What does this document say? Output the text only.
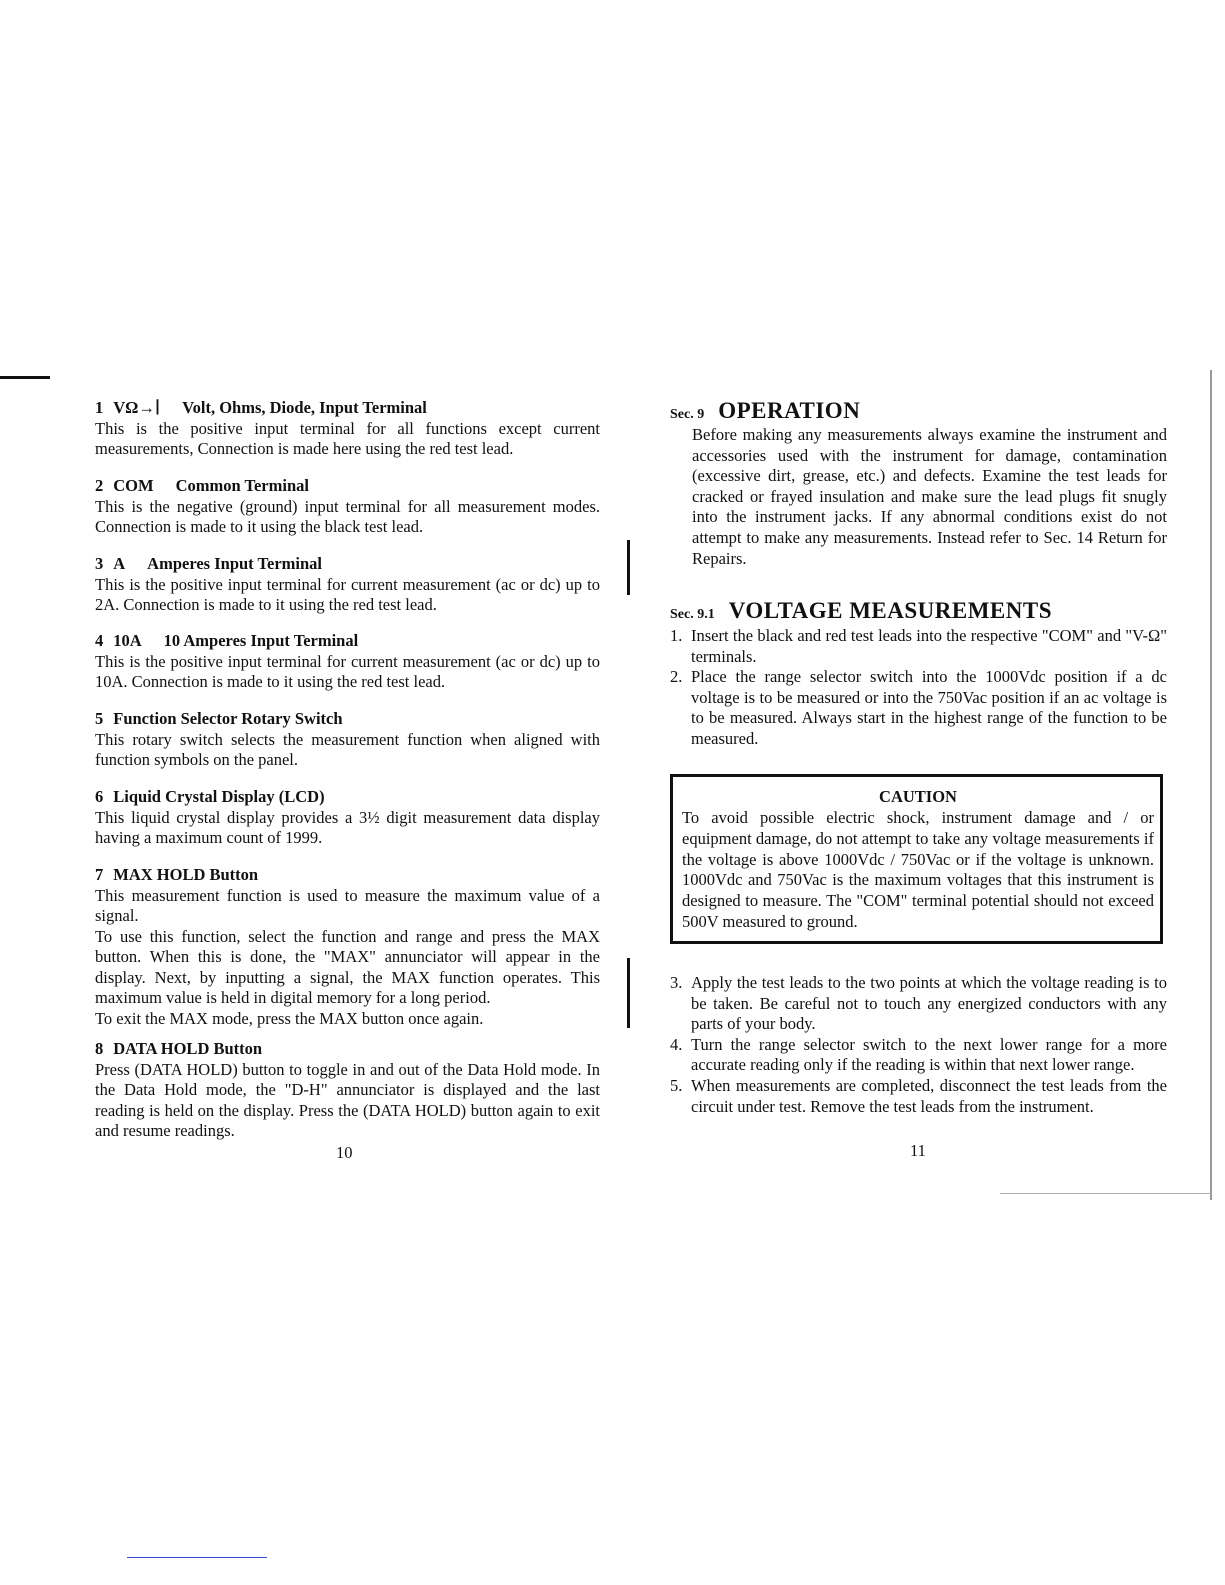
1 VΩ→∣ Volt, Ohms, Diode, Input Terminal

This is the positive input terminal for all functions except current measurements, Connection is made here using the red test lead.

2 COM Common Terminal

This is the negative (ground) input terminal for all measurement modes. Connection is made to it using the black test lead.

3 A Amperes Input Terminal

This is the positive input terminal for current measurement (ac or dc) up to 2A. Connection is made to it using the red test lead.

4 10A 10 Amperes Input Terminal

This is the positive input terminal for current measurement (ac or dc) up to 10A. Connection is made to it using the red test lead.

5 Function Selector Rotary Switch

This rotary switch selects the measurement function when aligned with function symbols on the panel.

6 Liquid Crystal Display (LCD)

This liquid crystal display provides a 3½ digit measurement data display having a maximum count of 1999.

7 MAX HOLD Button

This measurement function is used to measure the maximum value of a signal.

To use this function, select the function and range and press the MAX button. When this is done, the "MAX" annunciator will appear in the display. Next, by inputting a signal, the MAX function operates. This maximum value is held in digital memory for a long period.

To exit the MAX mode, press the MAX button once again.

8 DATA HOLD Button

Press (DATA HOLD) button to toggle in and out of the Data Hold mode. In the Data Hold mode, the "D-H" annunciator is displayed and the last reading is held on the display. Press the (DATA HOLD) button again to exit and resume readings.

10
Sec. 9 OPERATION
Before making any measurements always examine the instrument and accessories used with the instrument for damage, contamination (excessive dirt, grease, etc.) and defects. Examine the test leads for cracked or frayed insulation and make sure the lead plugs fit snugly into the instrument jacks. If any abnormal conditions exist do not attempt to make any measurements. Instead refer to Sec. 14 Return for Repairs.
Sec. 9.1 VOLTAGE MEASUREMENTS
1. Insert the black and red test leads into the respective "COM" and "V-Ω" terminals.
2. Place the range selector switch into the 1000Vdc position if a dc voltage is to be measured or into the 750Vac position if an ac voltage is to be measured. Always start in the highest range of the function to be measured.
CAUTION
To avoid possible electric shock, instrument damage and / or equipment damage, do not attempt to take any voltage measurements if the voltage is above 1000Vdc / 750Vac or if the voltage is unknown. 1000Vdc and 750Vac is the maximum voltages that this instrument is designed to measure. The "COM" terminal potential should not exceed 500V measured to ground.
3. Apply the test leads to the two points at which the voltage reading is to be taken. Be careful not to touch any energized conductors with any parts of your body.
4. Turn the range selector switch to the next lower range for a more accurate reading only if the reading is within that next lower range.
5. When measurements are completed, disconnect the test leads from the circuit under test. Remove the test leads from the instrument.
11
